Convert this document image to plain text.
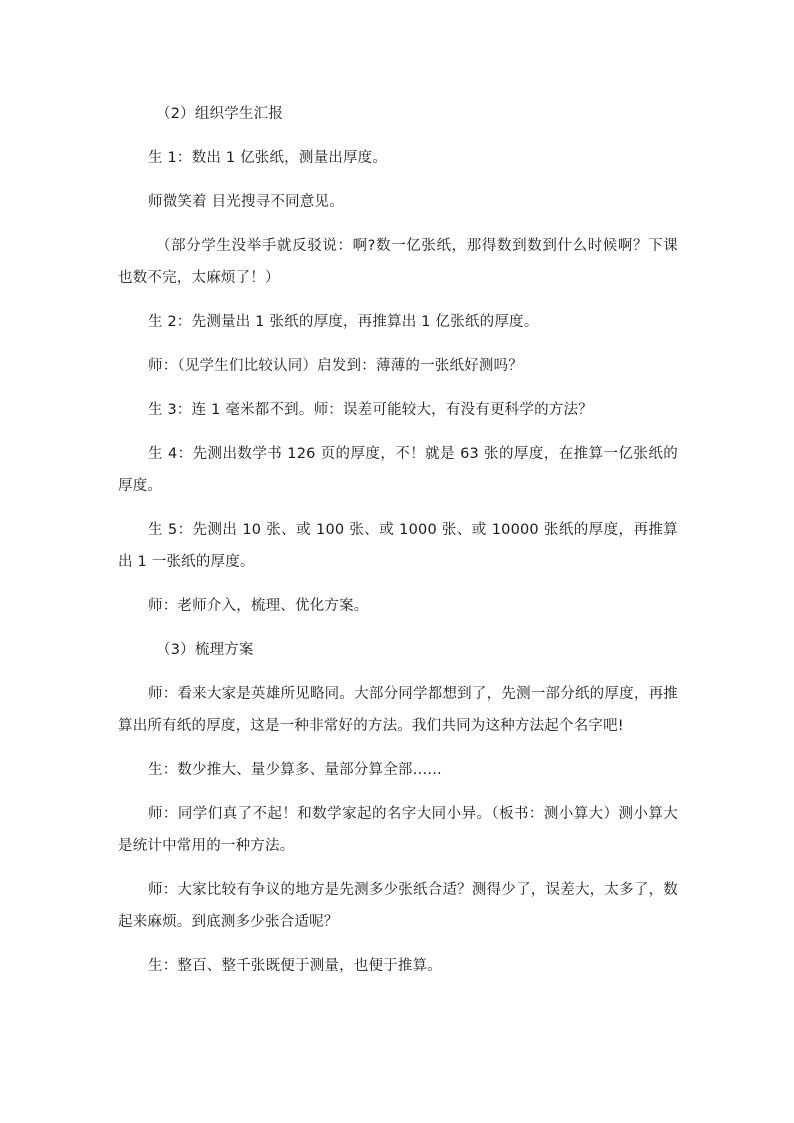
（2）组织学生汇报

生 1：数出 1 亿张纸，测量出厚度。

师微笑着 目光搜寻不同意见。

（部分学生没举手就反驳说：啊?数一亿张纸，那得数到数到什么时候啊？下课也数不完，太麻烦了！）

生 2：先测量出 1 张纸的厚度，再推算出 1 亿张纸的厚度。

师：（见学生们比较认同）启发到：薄薄的一张纸好测吗？

生 3：连 1 毫米都不到。师：误差可能较大，有没有更科学的方法？

生 4：先测出数学书 126 页的厚度，不！就是 63 张的厚度，在推算一亿张纸的厚度。

生 5：先测出 10 张、或 100 张、或 1000 张、或 10000 张纸的厚度，再推算出 1 一张纸的厚度。

师：老师介入，梳理、优化方案。

（3）梳理方案

师：看来大家是英雄所见略同。大部分同学都想到了，先测一部分纸的厚度，再推算出所有纸的厚度，这是一种非常好的方法。我们共同为这种方法起个名字吧!

生：数少推大、量少算多、量部分算全部……

师：同学们真了不起！和数学家起的名字大同小异。（板书：测小算大）测小算大是统计中常用的一种方法。

师：大家比较有争议的地方是先测多少张纸合适？测得少了，误差大，太多了，数起来麻烦。到底测多少张合适呢？

生：整百、整千张既便于测量，也便于推算。
